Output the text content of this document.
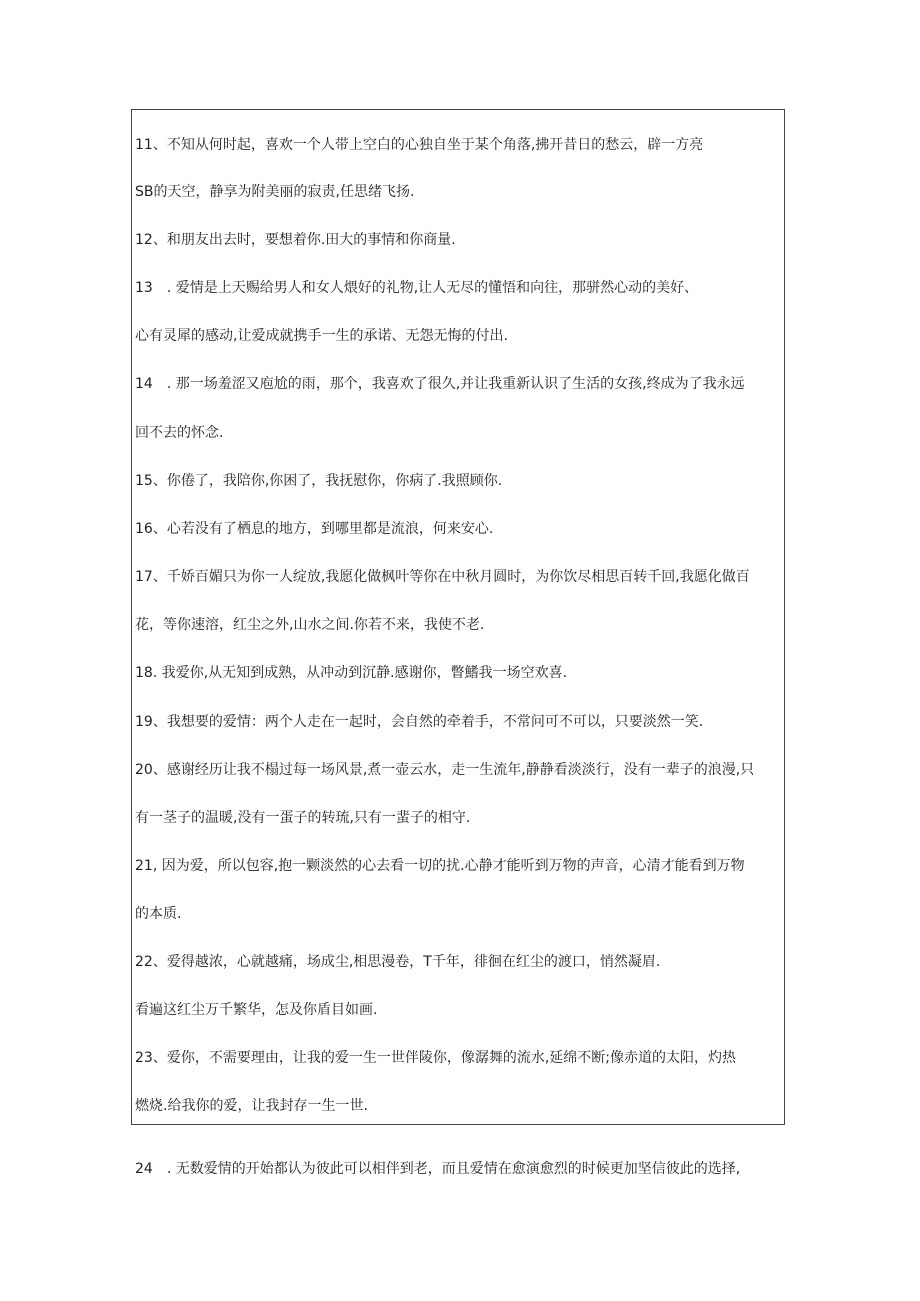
11、不知从何时起，喜欢一个人带上空白的心独自坐于某个角落,拂开昔日的愁云，辟一方亮
SB的天空，静享为附美丽的寂责,任思绪飞扬.
12、和朋友出去时，要想着你.田大的事情和你商量.
13　. 爱情是上天赐给男人和女人煨好的礼物,让人无尽的懂悟和向往，那骈然心动的美好、
心有灵犀的感动,让爱成就携手一生的承诺、无怨无悔的付出.
14　. 那一场羞涩又庖尬的雨，那个，我喜欢了很久,并让我重新认识了生活的女孩,终成为了我永远
回不去的怀念.
15、你倦了，我陪你,你困了，我抚慰你，你病了.我照顾你.
16、心若没有了栖息的地方，到哪里都是流浪，何来安心.
17、千娇百媚只为你一人绽放,我愿化做枫叶等你在中秋月圆时，为你饮尽相思百转千回,我愿化做百
花，等你速溶，红尘之外,山水之间.你若不来，我使不老.
18. 我爱你,从无知到成熟，从冲动到沉静.感谢你，瞥鰭我一场空欢喜.
19、我想要的爱情：两个人走在一起时，会自然的牵着手，不常问可不可以，只要淡然一笑.
20、感谢经历让我不榻过每一场风景,煮一壶云水，走一生流年,静静看淡淡行，没有一辈子的浪漫,只
有一茎子的温暖,没有一蛋子的转琉,只有一蜚子的相守.
21, 因为爱，所以包容,抱一颗淡然的心去看一切的扰.心静才能听到万物的声音，心清才能看到万物
的本质.
22、爱得越浓，心就越痛，场成尘,相思漫卷，T千年，徘徊在红尘的渡口，悄然凝眉.
看遍这红尘万千繁华，怎及你盾目如画.
23、爱你，不需要理由，让我的爱一生一世伴陵你，像潺舞的流水,延绵不断;像赤道的太阳，灼热
燃烧.给我你的爱，让我封存一生一世.
24　. 无数爱情的开始都认为彼此可以相伴到老，而且爱情在愈演愈烈的时候更加坚信彼此的选择,
